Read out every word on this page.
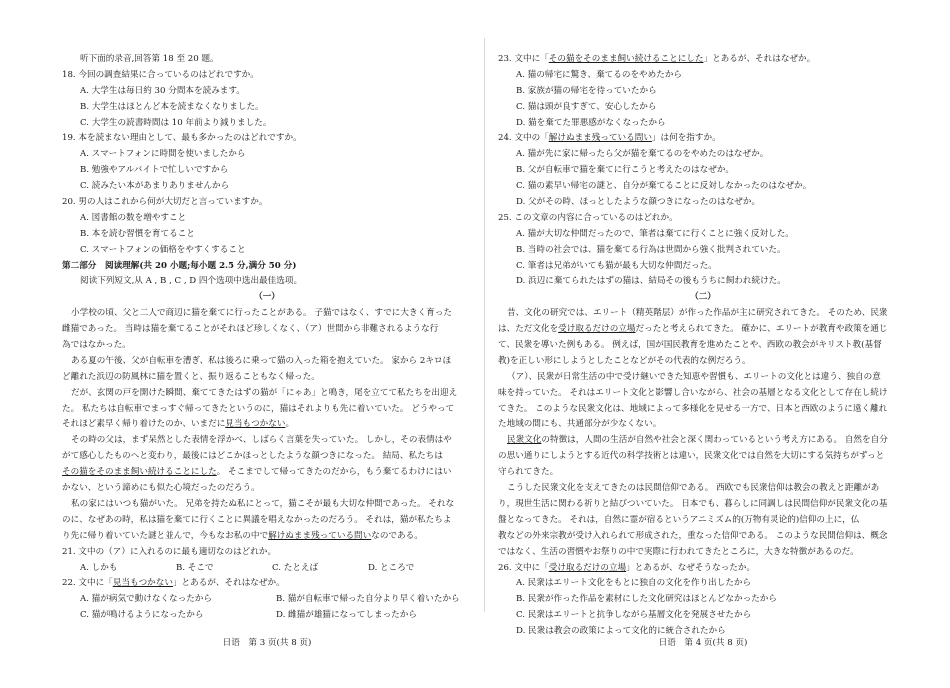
听下面的录音,回答第 18 至 20 题。
18. 今回の調査結果に合っているのはどれですか。
A. 大学生は毎日約 30 分間本を読みます。
B. 大学生はほとんど本を読まなくなりました。
C. 大学生の読書時間は 10 年前より減りました。
19. 本を読まない理由として、最も多かったのはどれですか。
A. スマートフォンに時間を使いましたから
B. 勉強やアルバイトで忙しいですから
C. 読みたい本があまりありませんから
20. 男の人はこれから何が大切だと言っていますか。
A. 図書館の数を増やすこと
B. 本を読む習慣を育てること
C. スマートフォンの価格をやすくすること
第二部分　阅读理解(共 20 小题;每小题 2.5 分,满分 50 分)
阅读下列短文,从 A , B , C , D 四个选项中选出最佳选项。
（一）
小学校の頃、父と二人で商辺に猫を棄てに行ったことがある。 子猫ではなく、すでに大きく育った
雌猫であった。 当時は猫を棄てることがそれほど珍しくなく、（ア）世間から非難されるような行
為ではなかった。
ある夏の午後、父が自転車を漕ぎ、私は後ろに乗って猫の入った箱を抱えていた。 家から 2キロほ
ど離れた浜辺の防風林に猫を置くと、振り返ることもなく帰った。
だが、玄関の戸を開けた瞬間、棄ててきたはずの猫が「にゃあ」と鳴き，尾を立てて私たちを出迎え
た。 私たちは自転車でまっすぐ帰ってきたというのに，猫はそれよりも先に着いていた。 どうやって
それほど素早く帰り着けたのか、いまだに見当もつかない。
その時の父は，まず呆然とした表情を浮かべ、しばらく言葉を失っていた。 しかし，その表情はや
がて感心したものへと変わり，最後にはどこかほっとしたような顔つきになった。 結局、私たちは
その猫をそのまま飼い続けることにした。 そこまでして帰ってきたのだから，もう棄てるわけにはい
かない、という諦めにも似た心境だったのだろう。
私の家にはいつも猫がいた。 兄弟を持たぬ私にとって，猫こそが最も大切な仲間であった。 それな
のに、なぜあの時，私は猫を棄てに行くことに異議を唱えなかったのだろう。 それは，猫が私たちよ
り先に帰り着いていた謎と並んで，今もなお私の中で解けぬまま残っている問いなのである。
21. 文中の（ア）に入れるのに最も適切なのはどれか。
A. しかも	B. そこで	C. たとえば	D. ところで
22. 文中に「見当もつかない」とあるが、それはなぜか。
A. 猫が病気で動けなくなったから	B. 猫が自転車で帰った自分より早く着いたから
C. 猫が鳴けるようになったから	D. 雌猫が雄猫になってしまったから
日语　第 3 页(共 8 页)
23. 文中に「その猫をそのまま飼い続けることにした」とあるが、それはなぜか。
A. 猫の帰宅に驚き、棄てるのをやめたから
B. 家族が猫の帰宅を待っていたから
C. 猫は頭が良すぎて、安心したから
D. 猫を棄てた罪悪感がなくなったから
24. 文中の「解けぬまま残っている問い」は何を指すか。
A. 猫が先に家に帰ったら父が猫を棄てるのをやめたのはなぜか。
B. 父が自転車で猫を棄てに行こうと考えたのはなぜか。
C. 猫の素早い帰宅の謎と、自分が棄てることに反対しなかったのはなぜか。
D. 父がその時、ほっとしたような顔つきになったのはなぜか。
25. この文章の内容に合っているのはどれか。
A. 猫が大切な仲間だったので、筆者は棄てに行くことに強く反対した。
B. 当時の社会では、猫を棄てる行為は世間から強く批判されていた。
C. 筆者は兄弟がいても猫が最も大切な仲間だった。
D. 浜辺に棄てられたはずの猫は、結局その後もうちに飼われ続けた。
（二）
昔、文化の研究では、エリート（精英階层）が作った作品が主に研究されてきた。 そのため、民衆
は、ただ文化を受け取るだけの立場だったと考えられてきた。 確かに、エリートが教育や政策を通じ
て、民衆を導いた例もある。 例えば，国が国民教育を進めたことや、西欧の教会がキリスト教(基督
教)を正しい形にしようとしたことなどがその代表的な例だろう。
（ア）、民衆が日常生活の中で受け継いできた知恵や習慣も、エリートの文化とは違う、独自の意
味を持っていた。 それはエリート文化と影響し合いながら、社会の基層となる文化として存在し続け
てきた。 このような民衆文化は、地域によって多様化を見せる一方で、日本と西欧のように遠く離れ
た地域の間にも、共通部分が少なくない。
民衆文化の特徴は，人間の生活が自然や社会と深く関わっているという考え方にある。 自然を自分
の思い通りにしようとする近代の科学技術とは違い，民衆文化では自然を大切にする気持ちがずっと
守られてきた。
こうした民衆文化を支えてきたのは民間信仰である。 西欧でも民衆信仰は教会の教えと距離があ
り，現世生活に関わる祈りと結びついていた。 日本でも、暮らしに同調しは民間信仰が民衆文化の基
盤となってきた。 それは，自然に霊が宿るというアニミズム的(万物有灵论的)信仰の上に，仏
教などの外来宗教が受け入れられて形成された，重なった信仰である。 このような民間信仰は、概念
ではなく、生活の習慣やお祭りの中で実際に行われてきたところに，大きな特徴があるのだ。
26. 文中に「受け取るだけの立場」とあるが、なぜそうなったか。
A. 民衆はエリート文化をもとに独自の文化を作り出したから
B. 民衆が作った作品を素材にした文化研究はほとんどなかったから
C. 民衆はエリートと抗争しながら基層文化を発展させたから
D. 民衆は教会の政策によって文化的に統合されたから
日语　第 4 页(共 8 页)
